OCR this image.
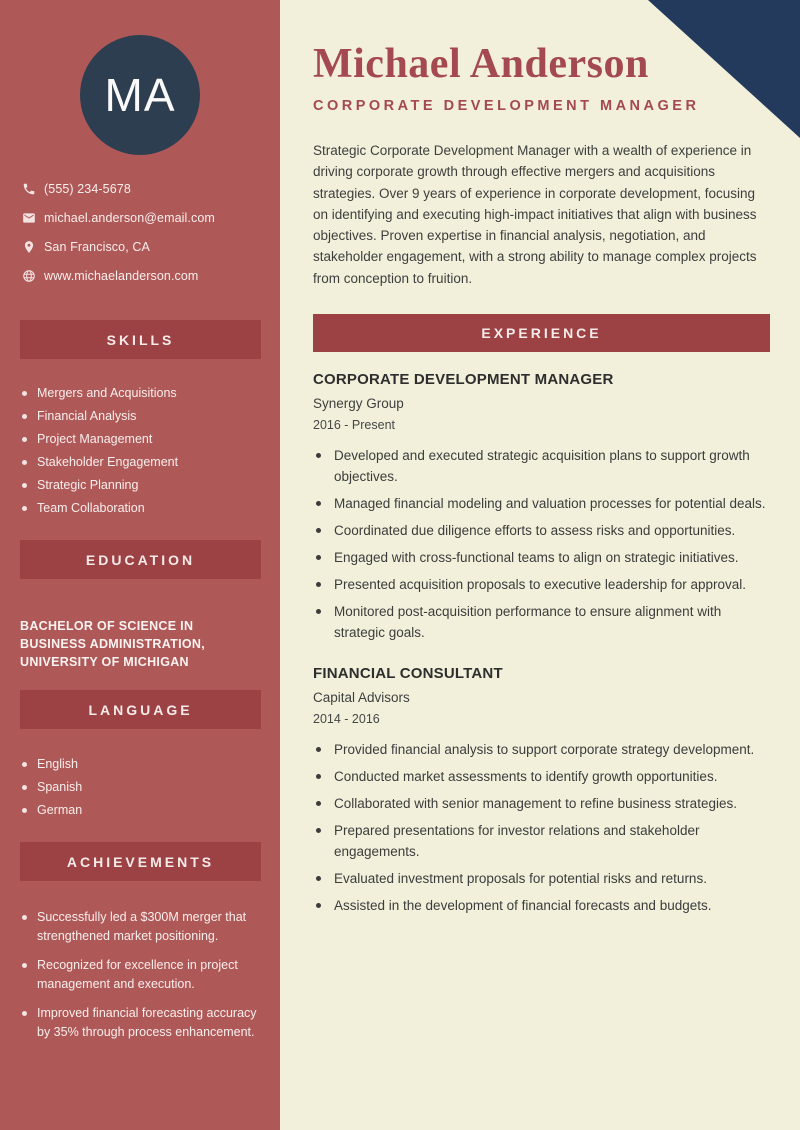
MA
(555) 234-5678
michael.anderson@email.com
San Francisco, CA
www.michaelanderson.com
SKILLS
Mergers and Acquisitions
Financial Analysis
Project Management
Stakeholder Engagement
Strategic Planning
Team Collaboration
EDUCATION
BACHELOR OF SCIENCE IN BUSINESS ADMINISTRATION, UNIVERSITY OF MICHIGAN
LANGUAGE
English
Spanish
German
ACHIEVEMENTS
Successfully led a $300M merger that strengthened market positioning.
Recognized for excellence in project management and execution.
Improved financial forecasting accuracy by 35% through process enhancement.
Michael Anderson
CORPORATE DEVELOPMENT MANAGER

Strategic Corporate Development Manager with a wealth of experience in driving corporate growth through effective mergers and acquisitions strategies. Over 9 years of experience in corporate development, focusing on identifying and executing high-impact initiatives that align with business objectives. Proven expertise in financial analysis, negotiation, and stakeholder engagement, with a strong ability to manage complex projects from conception to fruition.

EXPERIENCE
CORPORATE DEVELOPMENT MANAGER
Synergy Group
2016 - Present
Developed and executed strategic acquisition plans to support growth objectives.
Managed financial modeling and valuation processes for potential deals.
Coordinated due diligence efforts to assess risks and opportunities.
Engaged with cross-functional teams to align on strategic initiatives.
Presented acquisition proposals to executive leadership for approval.
Monitored post-acquisition performance to ensure alignment with strategic goals.
FINANCIAL CONSULTANT
Capital Advisors
2014 - 2016
Provided financial analysis to support corporate strategy development.
Conducted market assessments to identify growth opportunities.
Collaborated with senior management to refine business strategies.
Prepared presentations for investor relations and stakeholder engagements.
Evaluated investment proposals for potential risks and returns.
Assisted in the development of financial forecasts and budgets.
